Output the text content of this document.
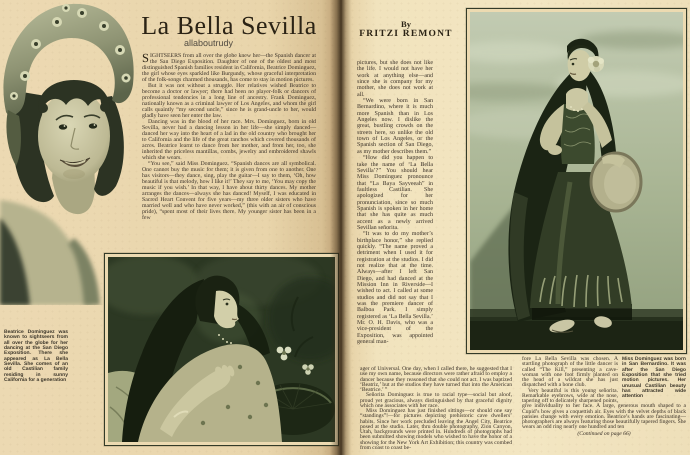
La Bella Sevilla
allaboutrudy

SIGHTSEERS from all over the globe knew her—the Spanish dancer at the San Diego Exposition. Daughter of one of the oldest and most distinguished Spanish families resident in California, Beatrice Dominguez, the girl whose eyes sparkled like Burgundy, whose graceful interpretation of the folk-songs charmed thousands, has come to stay in motion pictures.

But it was not without a struggle. Her relatives wished Beatrice to become a doctor or lawyer; there had been no player-folk or dancers of professional tendencies in a long line of ancestry. Frank Dominguez, nationally known as a criminal lawyer of Los Angeles, and whom the girl calls quaintly “my second uncle,” since he is grand-uncle to her, would gladly have seen her enter the law.

Dancing was in the blood of her race. Mrs. Dominguez, born in old Sevilla, never had a dancing lesson in her life—she simply danced—danced her way into the heart of a lad in the old country who brought her to California and the life of the great ranchos which covered thousands of acres. Beatrice learnt to dance from her mother, and from her, too, she inherited the priceless mantillas, combs, jewelry and embroidered shawls which she wears.

“You see,” said Miss Dominguez. “Spanish dances are all symbolical. One cannot buy the music for them; it is given from one to another. One has visitors—they dance, sing, play the guitar—I say to them, ‘Oh, how beautiful is that melody, how I like it!’ They say to me, ‘You may copy the music if you wish.’ In that way, I have about thirty dances. My mother arranges the dances—always she has danced! Myself, I was educated in Sacred Heart Convent for five years—my three older sisters who have married well and who have never worked,” (this with an air of conscious pride), “spent most of their lives there. My younger sister has been in a few

Beatrice Dominguez was known to sightseers from all over the globe for her dancing at the San Diego Exposition. There she appeared as La Bella Sevilla. She comes of an old Castilian family residing in sunny California for a generation
By
FRITZI REMONT

pictures, but she does not like the life. I would not have her work at anything else—and since she is company for my mother, she does not work at all.

“We were born in San Bernardino, where it is much more Spanish than in Los Angeles now. I dislike the great, bustling crowds on the streets here, so unlike the old town of Los Angeles, or the Spanish section of San Diego, as my mother describes them.”

“How did you happen to take the name of ‘La Bella Sevilla’?” You should hear Miss Dominguez pronounce that “La Baya Sayveeah” in faultless Castilian. She apologized for her pronunciation, since so much Spanish is spoken in her home that she has quite as much accent as a newly arrived Sevillan señorita.

“It was to do my mother’s birthplace honor,” she replied quickly. “The name proved a detriment when I used it for registration at the studios. I did not realize that at the time. Always—after I left San Diego, and had danced at the Mission Inn in Riverside—I wished to act. I called at some studios and did not say that I was the premiere dancer of Balboa Park. I simply registered as ‘La Bella Sevilla.’ Mr. O. H. Davis, who was a vice-president of the Exposition, was appointed general man-

ager of Universal. One day, when I called there, he suggested that I use my own name, because directors were rather afraid to employ a dancer because they reasoned that she could not act. I was baptized ‘Beatriz,’ but at the studios they have turned that into the American ‘Beatrice.’ ”

Señorita Dominguez is true to racial type—social but aloof, proud yet gracious, always distinguished by that graceful dignity which one associates with her race.

Miss Dominguez has just finished sittings—or should one say “standings”!—for pictures depicting prehistoric cave dwellers’ habits. Since her work precluded leaving the Angel City, Beatrice posed at the studio. Later, thru double photography, Zion Canyon, Utah, backgrounds were printed in. Hundreds of photographs had been submitted showing models who wished to have the honor of a showing for the New York Art Exhibition; this country was combed from coast to coast be-

Miss Dominguez was born in San Bernardino. It was after the San Diego Exposition that she tried motion pictures. Her unusual Castilian beauty has attracted wide attention

fore La Bella Sevilla was chosen. A startling photograph of the little dancer is called “The Kill,” presenting a cave-woman with one foot firmly planted on the head of a wildcat she has just dispatched with a bone club.

Very beautiful is this young señorita. Remarkable eyebrows, wide at the nose, tapering off to delicately sharpened points, give individuality to her face. A large, generous mouth shaped to a Cupid’s bow gives a coquettish air. Eyes with the velvet depths of black pansies change with every emotion. Beatrice’s hands are fascinating—photographers are always featuring those beautifully tapered fingers. She wears an odd ring nearly one hundred and ten

(Continued on page 66)
